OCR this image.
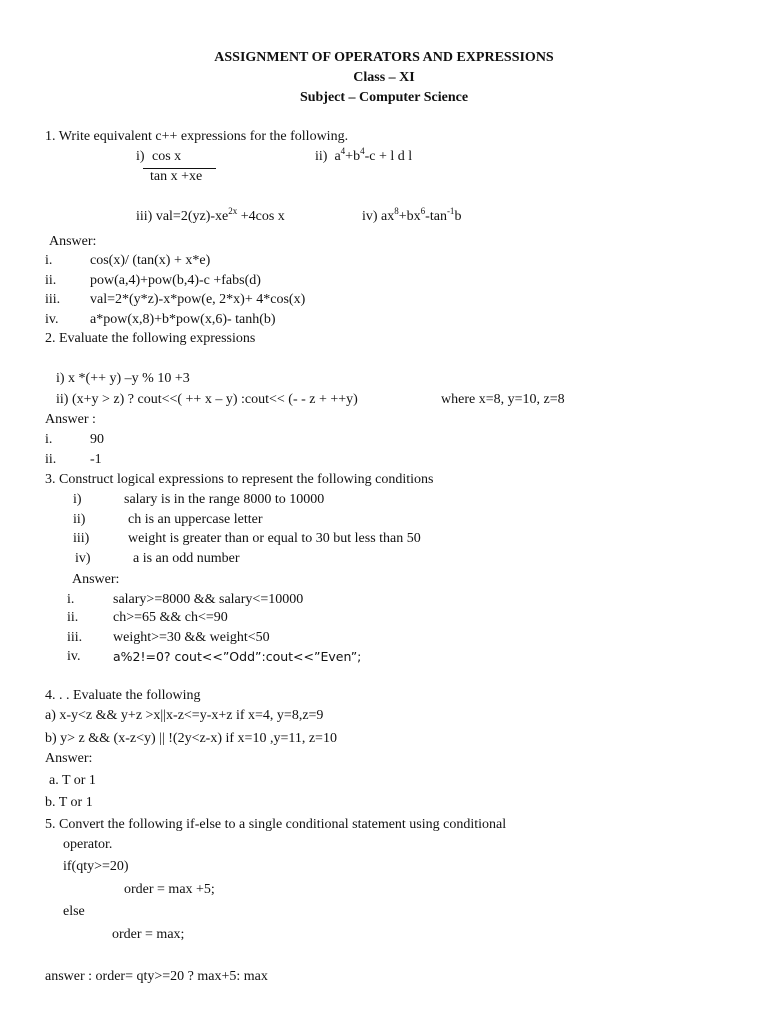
ASSIGNMENT OF OPERATORS AND EXPRESSIONS
Class – XI
Subject – Computer Science
1. Write equivalent c++ expressions for the following.
i) cos x
tan x +xe
ii) $a^4+b^4-c + l$ d l
iii) $val=2(yz)-xe^{2x} +4\cos$ x	iv) $ax^8+bx^6-\tan^{-1}b$
Answer:
i.	cos(x)/ (tan(x) + x*e)
ii. pow(a,4)+pow(b,4)-c +fabs(d)
iii. val=2*(y*z)-x*pow(e, 2*x)+ 4*cos(x)
iv. a*pow(x,8)+b*pow(x,6)- tanh(b)
2. Evaluate the following expressions
i) x *(++ y) –y % 10 +3
ii) (x+y > z) ? cout<<( ++ x – y) :cout<< (- - z + ++y)	where x=8, y=10, z=8
Answer :
i.	90
ii. -1
3. Construct logical expressions to represent the following conditions
i)	salary is in the range 8000 to 10000
ii)	ch is an uppercase letter
iii)	weight is greater than or equal to 30 but less than 50
iv)	a is an odd number
Answer:
i.	salary>=8000 && salary<=10000
ii. ch>=65 && ch<=90
iii. weight>=30 && weight<50
iv.	a%2!=0? cout<<”Odd”:cout<<”Even”;
4. . . Evaluate the following
a) x-y<z && y+z >x||x-z<=y-x+z if x=4, y=8,z=9
b) y> z && (x-z<y) || !(2y<z-x) if x=10 ,y=11, z=10
Answer:
a. T or 1
b. T or 1
5. Convert the following if-else to a single conditional statement using conditional
operator.
if(qty>=20)
order = max +5;
else
order = max;
answer : order= qty>=20 ? max+5: max
